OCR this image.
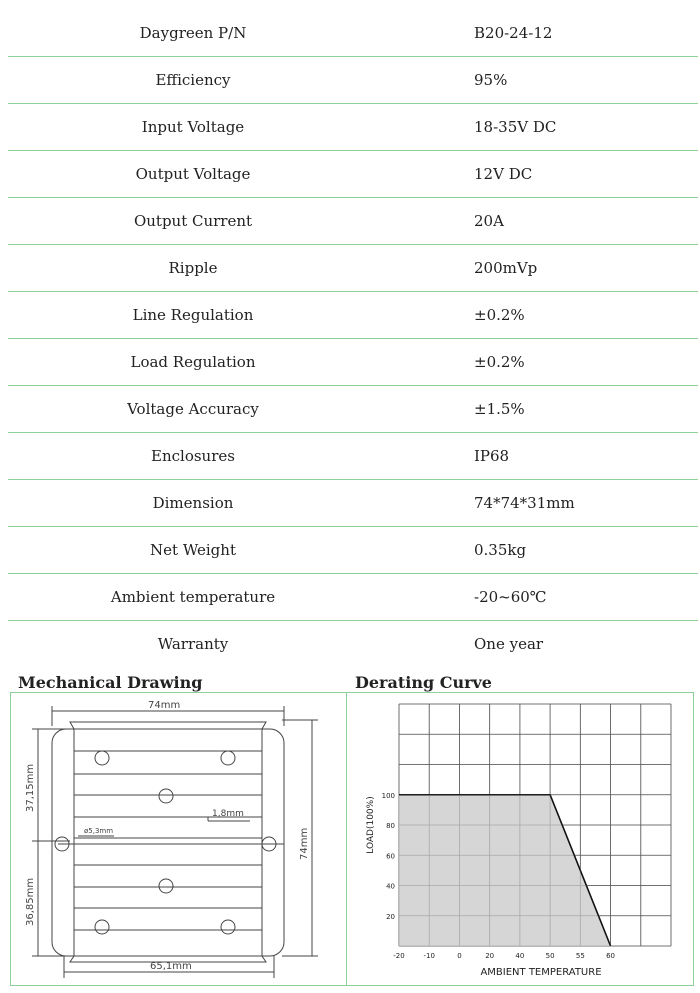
Daygreen P/N	B20-24-12
Efficiency	95%
Input Voltage	18-35V DC
Output Voltage	12V DC
Output Current	20A
Ripple	200mVp
Line Regulation	±0.2%
Load Regulation	±0.2%
Voltage Accuracy	±1.5%
Enclosures	IP68
Dimension	74*74*31mm
Net Weight	0.35kg
Ambient temperature	-20~60℃
Warranty	One year
Mechanical Drawing	Derating Curve
74mm
1,8mm
ø5,3mm
65,1mm
74mm
37,15mm
36,85mm
100
80
60
40
20
-20	-10	0	20	40	50	55	60
AMBIENT TEMPERATURE
LOAD(100%)
